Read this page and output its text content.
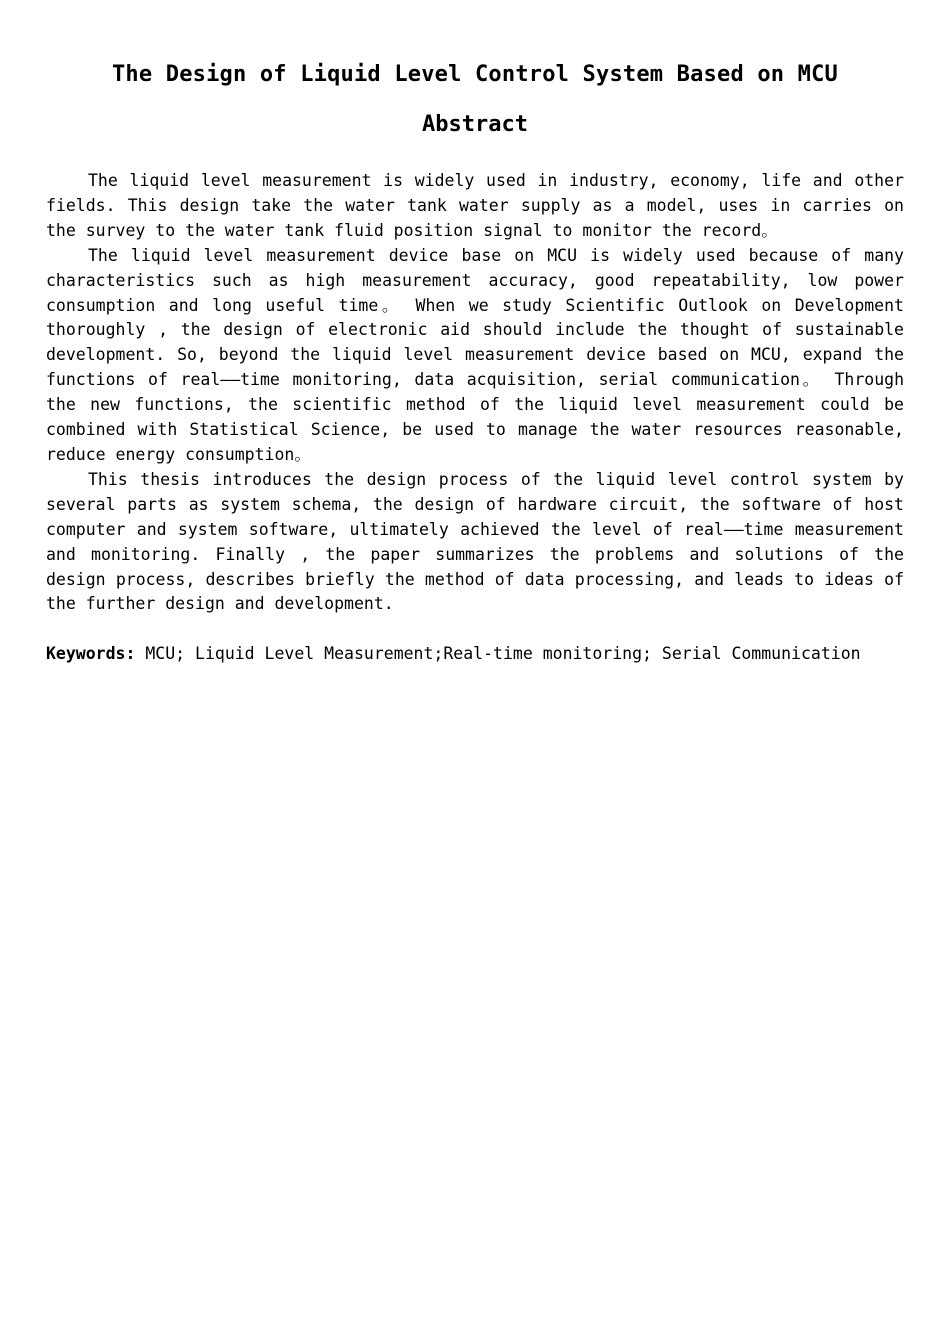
The Design of Liquid Level Control System Based on MCU
Abstract

The liquid level measurement is widely used in industry, economy, life and other fields. This design take the water tank water supply as a model, uses in carries on the survey to the water tank fluid position signal to monitor the record。

The liquid level measurement device base on MCU is widely used because of many characteristics such as high measurement accuracy, good repeatability, low power consumption and long useful time。 When we study Scientific Outlook on Development thoroughly , the design of electronic aid should include the thought of sustainable development. So, beyond the liquid level measurement device based on MCU, expand the functions of real——time monitoring, data acquisition, serial communication。 Through the new functions, the scientific method of the liquid level measurement could be combined with Statistical Science, be used to manage the water resources reasonable, reduce energy consumption。

This thesis introduces the design process of the liquid level control system by several parts as system schema, the design of hardware circuit, the software of host computer and system software, ultimately achieved the level of real——time measurement and monitoring. Finally , the paper summarizes the problems and solutions of the design process, describes briefly the method of data processing, and leads to ideas of the further design and development.

Keywords: MCU; Liquid Level Measurement;Real-time monitoring; Serial Communication
